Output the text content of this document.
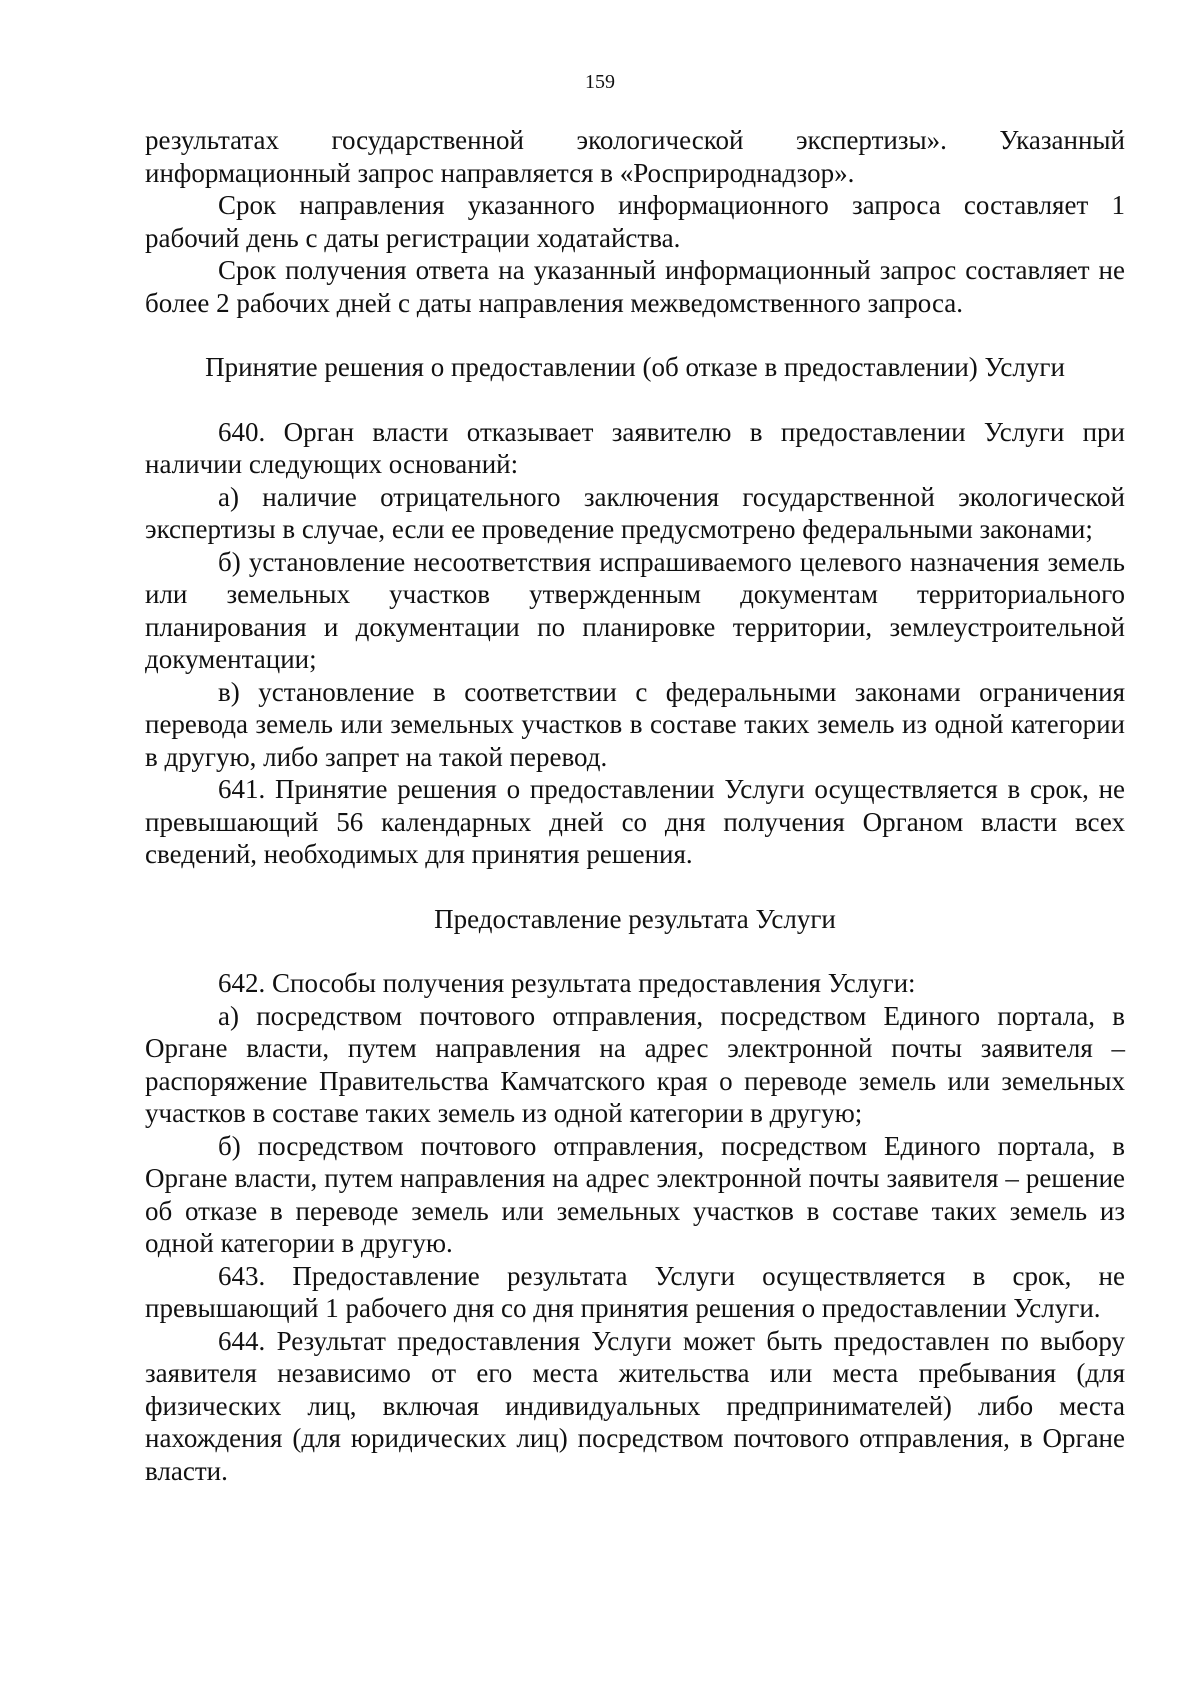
159

результатах государственной экологической экспертизы». Указанный информационный запрос направляется в «Росприроднадзор».

Срок направления указанного информационного запроса составляет 1 рабочий день с даты регистрации ходатайства.

Срок получения ответа на указанный информационный запрос составляет не более 2 рабочих дней с даты направления межведомственного запроса.

Принятие решения о предоставлении (об отказе в предоставлении) Услуги

640. Орган власти отказывает заявителю в предоставлении Услуги при наличии следующих оснований:

а) наличие отрицательного заключения государственной экологической экспертизы в случае, если ее проведение предусмотрено федеральными законами;

б) установление несоответствия испрашиваемого целевого назначения земель или земельных участков утвержденным документам территориального планирования и документации по планировке территории, землеустроительной документации;

в) установление в соответствии с федеральными законами ограничения перевода земель или земельных участков в составе таких земель из одной категории в другую, либо запрет на такой перевод.

641. Принятие решения о предоставлении Услуги осуществляется в срок, не превышающий 56 календарных дней со дня получения Органом власти всех сведений, необходимых для принятия решения.

Предоставление результата Услуги

642. Способы получения результата предоставления Услуги:

а) посредством почтового отправления, посредством Единого портала, в Органе власти, путем направления на адрес электронной почты заявителя – распоряжение Правительства Камчатского края о переводе земель или земельных участков в составе таких земель из одной категории в другую;

б) посредством почтового отправления, посредством Единого портала, в Органе власти, путем направления на адрес электронной почты заявителя – решение об отказе в переводе земель или земельных участков в составе таких земель из одной категории в другую.

643. Предоставление результата Услуги осуществляется в срок, не превышающий 1 рабочего дня со дня принятия решения о предоставлении Услуги.

644. Результат предоставления Услуги может быть предоставлен по выбору заявителя независимо от его места жительства или места пребывания (для физических лиц, включая индивидуальных предпринимателей) либо места нахождения (для юридических лиц) посредством почтового отправления, в Органе власти.
